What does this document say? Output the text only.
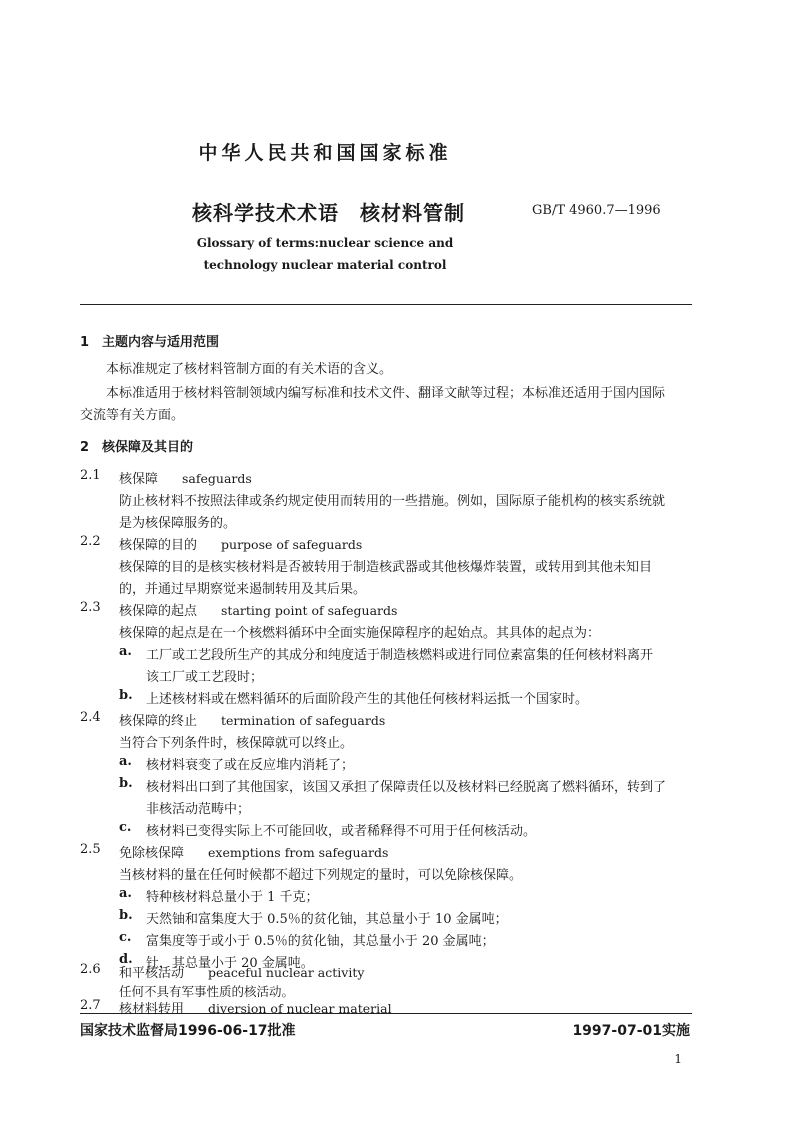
中华人民共和国国家标准
核科学技术术语　核材料管制	GB/T 4960.7—1996
Glossary of terms:nuclear science and
technology nuclear material control
1　主题内容与适用范围
本标准规定了核材料管制方面的有关术语的含义。
本标准适用于核材料管制领域内编写标准和技术文件、翻译文献等过程；本标准还适用于国内国际
交流等有关方面。
2　核保障及其目的
2.1 核保障 safeguards
防止核材料不按照法律或条约规定使用而转用的一些措施。例如，国际原子能机构的核实系统就
是为核保障服务的。
2.2 核保障的目的 purpose of safeguards
核保障的目的是核实核材料是否被转用于制造核武器或其他核爆炸装置，或转用到其他未知目
的，并通过早期察觉来遏制转用及其后果。
2.3 核保障的起点 starting point of safeguards
核保障的起点是在一个核燃料循环中全面实施保障程序的起始点。其具体的起点为：
a. 工厂或工艺段所生产的其成分和纯度适于制造核燃料或进行同位素富集的任何核材料离开
该工厂或工艺段时；
b. 上述核材料或在燃料循环的后面阶段产生的其他任何核材料运抵一个国家时。
2.4 核保障的终止 termination of safeguards
当符合下列条件时，核保障就可以终止。
a. 核材料衰变了或在反应堆内消耗了；
b. 核材料出口到了其他国家，该国又承担了保障责任以及核材料已经脱离了燃料循环，转到了
非核活动范畴中；
c. 核材料已变得实际上不可能回收，或者稀释得不可用于任何核活动。
2.5 免除核保障 exemptions from safeguards
当核材料的量在任何时候都不超过下列规定的量时，可以免除核保障。
a. 特种核材料总量小于 1 千克；
b. 天然铀和富集度大于 0.5％的贫化铀，其总量小于 10 金属吨；
c. 富集度等于或小于 0.5％的贫化铀，其总量小于 20 金属吨；
d. 钍，其总量小于 20 金属吨。
2.6 和平核活动 peaceful nuclear activity
任何不具有军事性质的核活动。
国家技术监督局1996-06-17批准	1997-07-01实施
1
2.7 核材料转用 diversion of nuclear material
